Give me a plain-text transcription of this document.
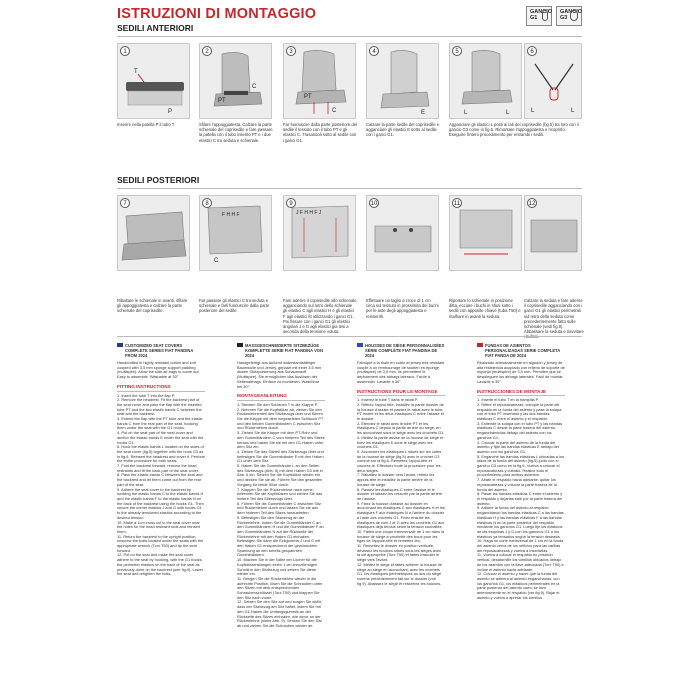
ISTRUZIONI DI MONTAGGIO
SEDILI ANTERIORI
GANCIO G1
GANCIO G3
1
T
P
Inserire nella patella P il tubo T.
2
PT
C
Sfilare l'appoggiatesta. Calzare la parte schienale del coprisedile e fare passare la patella con il tubo inserito PT e i due elastici C tra seduta e schienale.
3
PT
C
Far fuoriuscire dalla parte posteriore del sedile il tessuto con il tubo PT e gli elastici C. Trasandoli sotto al sedile con i ganci G1.
4
E
Calzare la parte sedile del coprisedile e agganciare gli elastici E sotto al sedile con i ganci G1.
5
L	L
6
L	L
Agganciare gli elastici L posti ai lati del coprisedile (fig.5) tra loro con il gancio G3 come in fig.6. Rimontare l'appoggiatesta e ricoprirlo. Eseguire l'intero procedimento per entrambi i sedili.
SEDILI POSTERIORI
7
Ribaltare le schienale in avanti, sfilare gli appoggiatesta e calzare la parte schienale del coprisedile.
8
F H H F
C
Far passare gli elastici C tra seduta e schienale e farli fuoriuscire dalla parte posteriore del sedile.
9
J F H H F J
Fare aderire il coprisedile allo schienale agganciando sul retro dello schienale gli elastici C agli elastici H e gli elastici F agli elastici fit utilizzando i ganci G1. Poi fissare con i ganci G1 gli elastici angolari J e G agli elastici gia tesi a seconda della tensione voluta.
10
Effettuare un taglio a croce di 1 cm circa sul tessuto in prossimita dei buchi per le aste degli appoggiatesta e reinserirli.
11
Riportare lo schienale in posizione ditta, ecciare i buchi in shuti sotto i sedili con apposite chiave (tuba T50) e ritalhare in avanti la seduta.
12
Calzare la seduta e fare aderire il coprisedile agganciando con i ganci G1 gli elastici perimetrali sul retro della seduta come precedentemente fatto sulle schienale (vedi fig.9). Abbassare la seduta e riavvitare
CUSTOMIZED SEAT COVERS COMPLETE SERIES FIAT PANDINA FROM 2024
Handcrafted in highly resistant cotton and knit coupled with 3,5 mm sponge support padding (multispire). Allow the side air bags to come out. Easy to assemble. Washable at 30°.
FITTING INSTRUCTIONS
1. Insert the tube T into the flap P.
2. Remove the headrest. Fit the backrest part of the seat cover and pass the flap with the inserted tube PT and the two elastic bands C between the seat and the backrest.
3. Extend the flap with the PT tube and the elastic bands C from the rear part of the seat, hooking them under the seat with the G1 hooks.
4. Put on the seat part of the seat cover and anchor the elastic bands E under the seat with the hooks G1.
5. Hook the elastic bands L located on the sides of the seat cover (fig.5) together with the hook G3 as in fig.6. Reinsert the headrest and cover it. Perform the entire procedure for both seats.
7. Fold the backrest forward, remove the head restraints and fit the back part of the seat cover.
8. Pass the elastic bands C between the seat and the backrest and let them come out from the rear part of the seat.
9. Adhere the seat cover to the backrest by hooking the elastic bands C to the elastic bands H and the elastic bands F to the elastic bands N on the back of the backrest using the hooks G1. Then secure the corner elastics J and G with hooks G1 to the already tensioned elastics according to the desired tension.
10. Make a 1cm cross cut in the seat cover near the holes for the head restraint rods and reinsert them.
11. Return the backrest to the upright position, unscrew the bolts located under the seats with the appropriate wrench (Torx T50) and tip the seat forward.
12. Put on the seat and make the seat cover adhere to the seat by hooking, with the G1 hooks, the perimeter elastics on the back of the seat as previously done on the backrest (see fig.9). Lower the seat and retighten the bolts.
MASSGESCHNEIDERTE SITZBEZÜGE KOMPLETTE SERIE FIAT PANDINA VON 2024
Handgefertigt aus äußerst widerstandsfähiger Baumwolle und Jersey, gepaart mit einer 3,5 mm dicken Stützpolsterung aus Schaumstoff (Multispire). Sie ermöglichen das Auslösen der Seitenairbags. Einfach zu montieren. Waschbar bei 30°.
MONTAGEANLEITUNG
1. Stecken Sie den Schlauch T in die Klappe P.
2. Nehmen Sie die Kopfstütze ab, ziehen Sie den Rückenlehnenteil des Sitzbezugs über und führen Sie die Klappe mit dem eingesetzten Schlauch PT und den beiden Gummibändern C zwischen Sitz und Rückenlehne durch.
3. Ziehen Sie die Klappe mit dem PT-Rohr und den Gummibändern C vom hinteren Teil des Sitzes heraus und haken Sie sie mit den G1-Haken unter dem Sitz ein.
4. Ziehen Sie das Sitzteil des Sitzbezugs über und befestigen Sie die Gummibänder E mit den Haken G1 unter dem Sitz.
5. Haken Sie die Gummibänder L an den Seiten des Sitzbezugs (Abb. 5) mit dem Haken G3 wie in Abb. 6 ein. Setzen Sie die Kopfstütze wieder ein und decken Sie sie ab. Führen Sie den gesamten Vorgang für beide Sitze durch.
7. Klappen Sie die Rückenlehne nach vorne, entfernen Sie die Kopfstützen und ziehen Sie das hintere Teil des Sitzbezugs über.
8. Führen Sie die Gummibänder C zwischen Sitz und Rückenlehne durch und lassen Sie sie aus dem hinteren Teil des Sitzes heraustreten.
9. Befestigen Sie den Sitzbezug an der Rückenlehne, indem Sie die Gummibänder C an den Gummibändern H und die Gummibänder F an den Gummibändern N auf der Rückseite der Rückenlehne mit den Haken G1 einhaken. Befestigen Sie dann die Eckgummis J und G mit den Haken G1 entsprechend der gewünschten Spannung an den bereits gespannten Gummibändern.
10. Machen Sie in der Nähe der Löcher für die Kopfstützenstangen einen 1 cm kreuzförmigen Schnitt in den Sitzbezug und setzen Sie diese wieder ein.
11. Bringen Sie die Rückenlehne wieder in die aufrechte Position, lösen Sie die Schrauben unter den Sitzen mit dem entsprechenden Schraubenschlüssel (Torx T50) und klappen Sie den Sitz nach vorne.
12. Setzen Sie den Sitz auf und sorgen Sie dafür, dass der Sitzbezug am Sitz haftet, indem Sie mit den G1-Haken die Umfangsgummis an der Rückseite des Sitzes einhaken, wie zuvor an der Rückenlehne (siehe Abb. 9). Senken Sie den Sitz ab und ziehen Sie die Schrauben wieder an.
HOUSSES DE SIÈGE PERSONNALISÉES SÉRIE COMPLÈTE FIAT PANDINA DE 2024
Fabriqué à la main en coton et jersey très résistant couplé à un rembourrage de soutien en éponge (multispire) de 3,5 mm. Ils permettent le déploiement des airbags latéraux. Facile à assembler. Lavable à 30°.
INSTRUCTIONS POUR LE MONTAGE
1. Insérez le tube T dans le rabat P.
2. Retirez l'appui-tête, installez la partie dossier de la housse d'assise et passez le rabat avec le tube PT inséré et les deux élastiques C entre l'assise et le dossier.
3. Étendez le rabat avec le tube PT et les élastiques C depuis la partie arrière du siège, en les accrochant sous le siège avec les crochets G1.
4. Mettez la partie assise de la housse de siège et fixez les élastiques E sous le siège avec les crochets G1.
5. Accrochez les élastiques L situés sur les côtés de la housse de siège (fig.5) avec le crochet G3 comme sur la fig.6. Remettez l'appui-tête et couvrez-le. Effectuez toute la procédure pour les deux sièges.
7. Rabattez le dossier vers l'avant, retirez les appuis-tête et installez la partie arrière de la housse de siège.
8. Passez les élastiques C entre l'assise et le dossier et laissez-les ressortir par la partie arrière de l'assise.
9. Fixez la housse d'assise au dossier en accrochant les élastiques C aux élastiques H et les élastiques F aux élastiques N à l'arrière du dossier à l'aide des crochets G1. Fixez ensuite les élastiques de coin J et G avec les crochets G1 aux élastiques déjà tendus selon la tension souhaitée.
10. Faites une coupe transversale de 1 cm dans la housse de siège à proximité des trous pour les tiges de l'appuie-tête et remettez-les.
11. Remettez le dossier en position verticale, dévissez les boulons situés sous les sièges avec la clé appropriée (Torx T50) et faites basculer le siège vers l'avant.
12. Mettez le siège et faites adhérer la housse de siège au siège en accrochant, avec les crochets G1, les élastiques périmétriques au dos du siège comme précédemment fait sur le dossier (voir fig.9). Abaissez le siège et resserrez les boulons.
FUNDAS DE ASIENTOS PERSONALIZADAS SERIE COMPLETA FIAT PANDA DE 2024
Realizado artesanalmente en algodón y jersey de alta resistencia acoplado con relleno de soporte de esponja (multispire) de 3,5 mm. Permiten que se desplieguen los airbags laterales. Fácil de montar. Lavable a 30°.
INSTRUCCIONES DE MONTAJE
1. Inserte el tubo T en la trampilla P.
2. Retire el reposacabezas, coloque la parte del respaldo en la funda del asiento y pase la solapa con el tubo PT insertado y las dos bandas elásticas C entre el asiento y el respaldo.
3. Extiende la solapa con el tubo PT y las bandas elásticas C desde la parte trasera del asiento, enganchándolas debajo del asiento con los ganchos G1.
4. Colocar la parte del asiento de la funda del asiento y fijar las bandas elásticas E debajo del asiento con los ganchos G1.
5. Enganche las bandas elásticas L ubicadas a los lados de la funda del asiento (fig.5) junto con el gancho G3 como en la fig.6. Vuelva a colocar el reposacabezas y cúbralo. Realice todo el procedimiento para ambos asientos.
7. Abatir el respaldo hacia adelante, quitar los reposacabezas y colocar la parte trasera de la funda del asiento.
8. Pasar las bandas elásticas C entre el asiento y el respaldo y dejarlas salir por la parte trasera del asiento.
9. Adherir la funda del asiento al respaldo enganchando las bandas elásticas C a las bandas elásticas H y las bandas elásticas F a las bandas elásticas N en la parte posterior del respaldo mediante los ganchos G1. Luego fije los elásticos de las esquinas J y G con los ganchos G1 a los elásticos ya tensados según la tensión deseada.
10. Haga un corte transversal de 1 cm en la funda del asiento cerca de los orificios para las varillas del reposacabezas y vuelva a insertarlas.
11. Vuelva a colocar el respaldo en posición vertical, desatornille los tornillos ubicados debajo de los asientos con la llave adecuada (Torx T50) e incline el asiento hacia adelante.
12. Colocar el asiento y hacer que la funda del asiento se adhiera al asiento enganchando, con los ganchos G1, los elásticos perimetrales en la parte posterior del asiento como se hizo anteriormente en el respaldo (ver fig.9). Bajar el asiento y vuelva a apretar los tornillos.
